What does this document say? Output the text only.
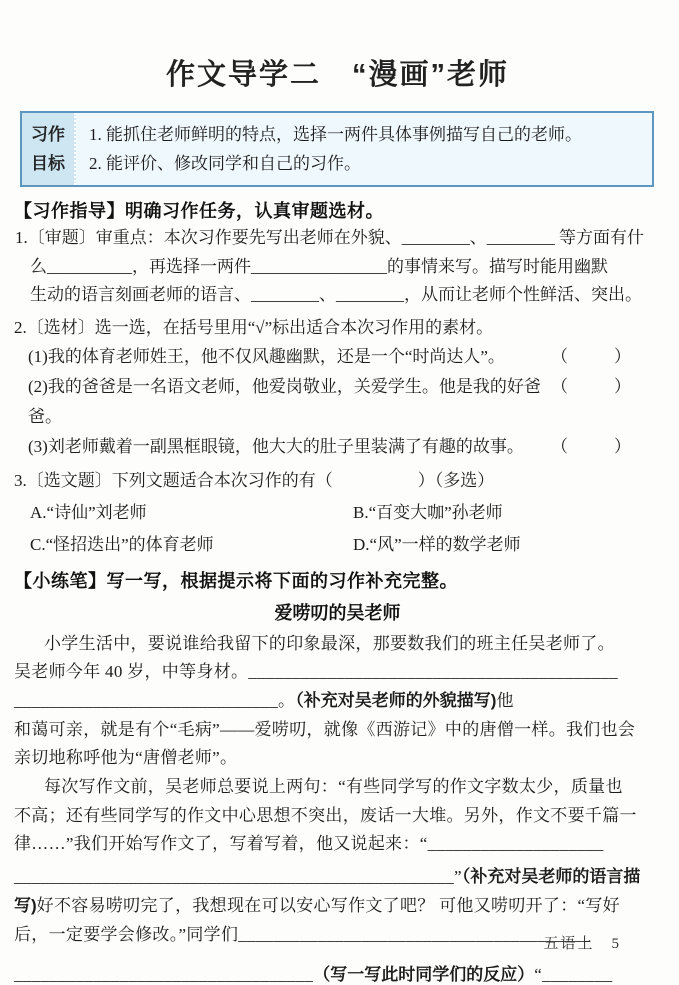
作文导学二　“漫画”老师
习作
目标
1. 能抓住老师鲜明的特点，选择一两件具体事例描写自己的老师。
2. 能评价、修改同学和自己的习作。
【习作指导】明确习作任务，认真审题选材。
1.〔审题〕审重点：本次习作要先写出老师在外貌、________、________ 等方面有什
么__________，再选择一两件________________的事情来写。描写时能用幽默
生动的语言刻画老师的语言、________、________，从而让老师个性鲜活、突出。
2.〔选材〕选一选，在括号里用“√”标出适合本次习作用的素材。
(1)我的体育老师姓王，他不仅风趣幽默，还是一个“时尚达人”。	（　　）
(2)我的爸爸是一名语文老师，他爱岗敬业，关爱学生。他是我的好爸爸。
（　　）
(3)刘老师戴着一副黑框眼镜，他大大的肚子里装满了有趣的故事。 （　　）
3.〔选文题〕下列文题适合本次习作的有（　　　　　）（多选）
A.“诗仙”刘老师	B.“百变大咖”孙老师
C.“怪招迭出”的体育老师	D.“风”一样的数学老师
【小练笔】写一写，根据提示将下面的习作补充完整。
爱唠叨的吴老师
小学生活中，要说谁给我留下的印象最深，那要数我们的班主任吴老师了。
吴老师今年 40 岁，中等身材。__________________________________________
______________________________。（补充对吴老师的外貌描写)他
和蔼可亲，就是有个“毛病”——爱唠叨，就像《西游记》中的唐僧一样。我们也会
亲切地称呼他为“唐僧老师”。
每次写作文前，吴老师总要说上两句：“有些同学写的作文字数太少，质量也
不高；还有些同学写的作文中心思想不突出，废话一大堆。另外，作文不要千篇一
律……”我们开始写作文了，写着写着，他又说起来：“____________________
__________________________________________________”（补充对吴老师的语言描
写)好不容易唠叨完了，我想现在可以安心写作文了吧？ 可他又唠叨开了：“写好
后，一定要学会修改。”同学们________________________________________
__________________________________（写一写此时同学们的反应）“________
五语上　5
